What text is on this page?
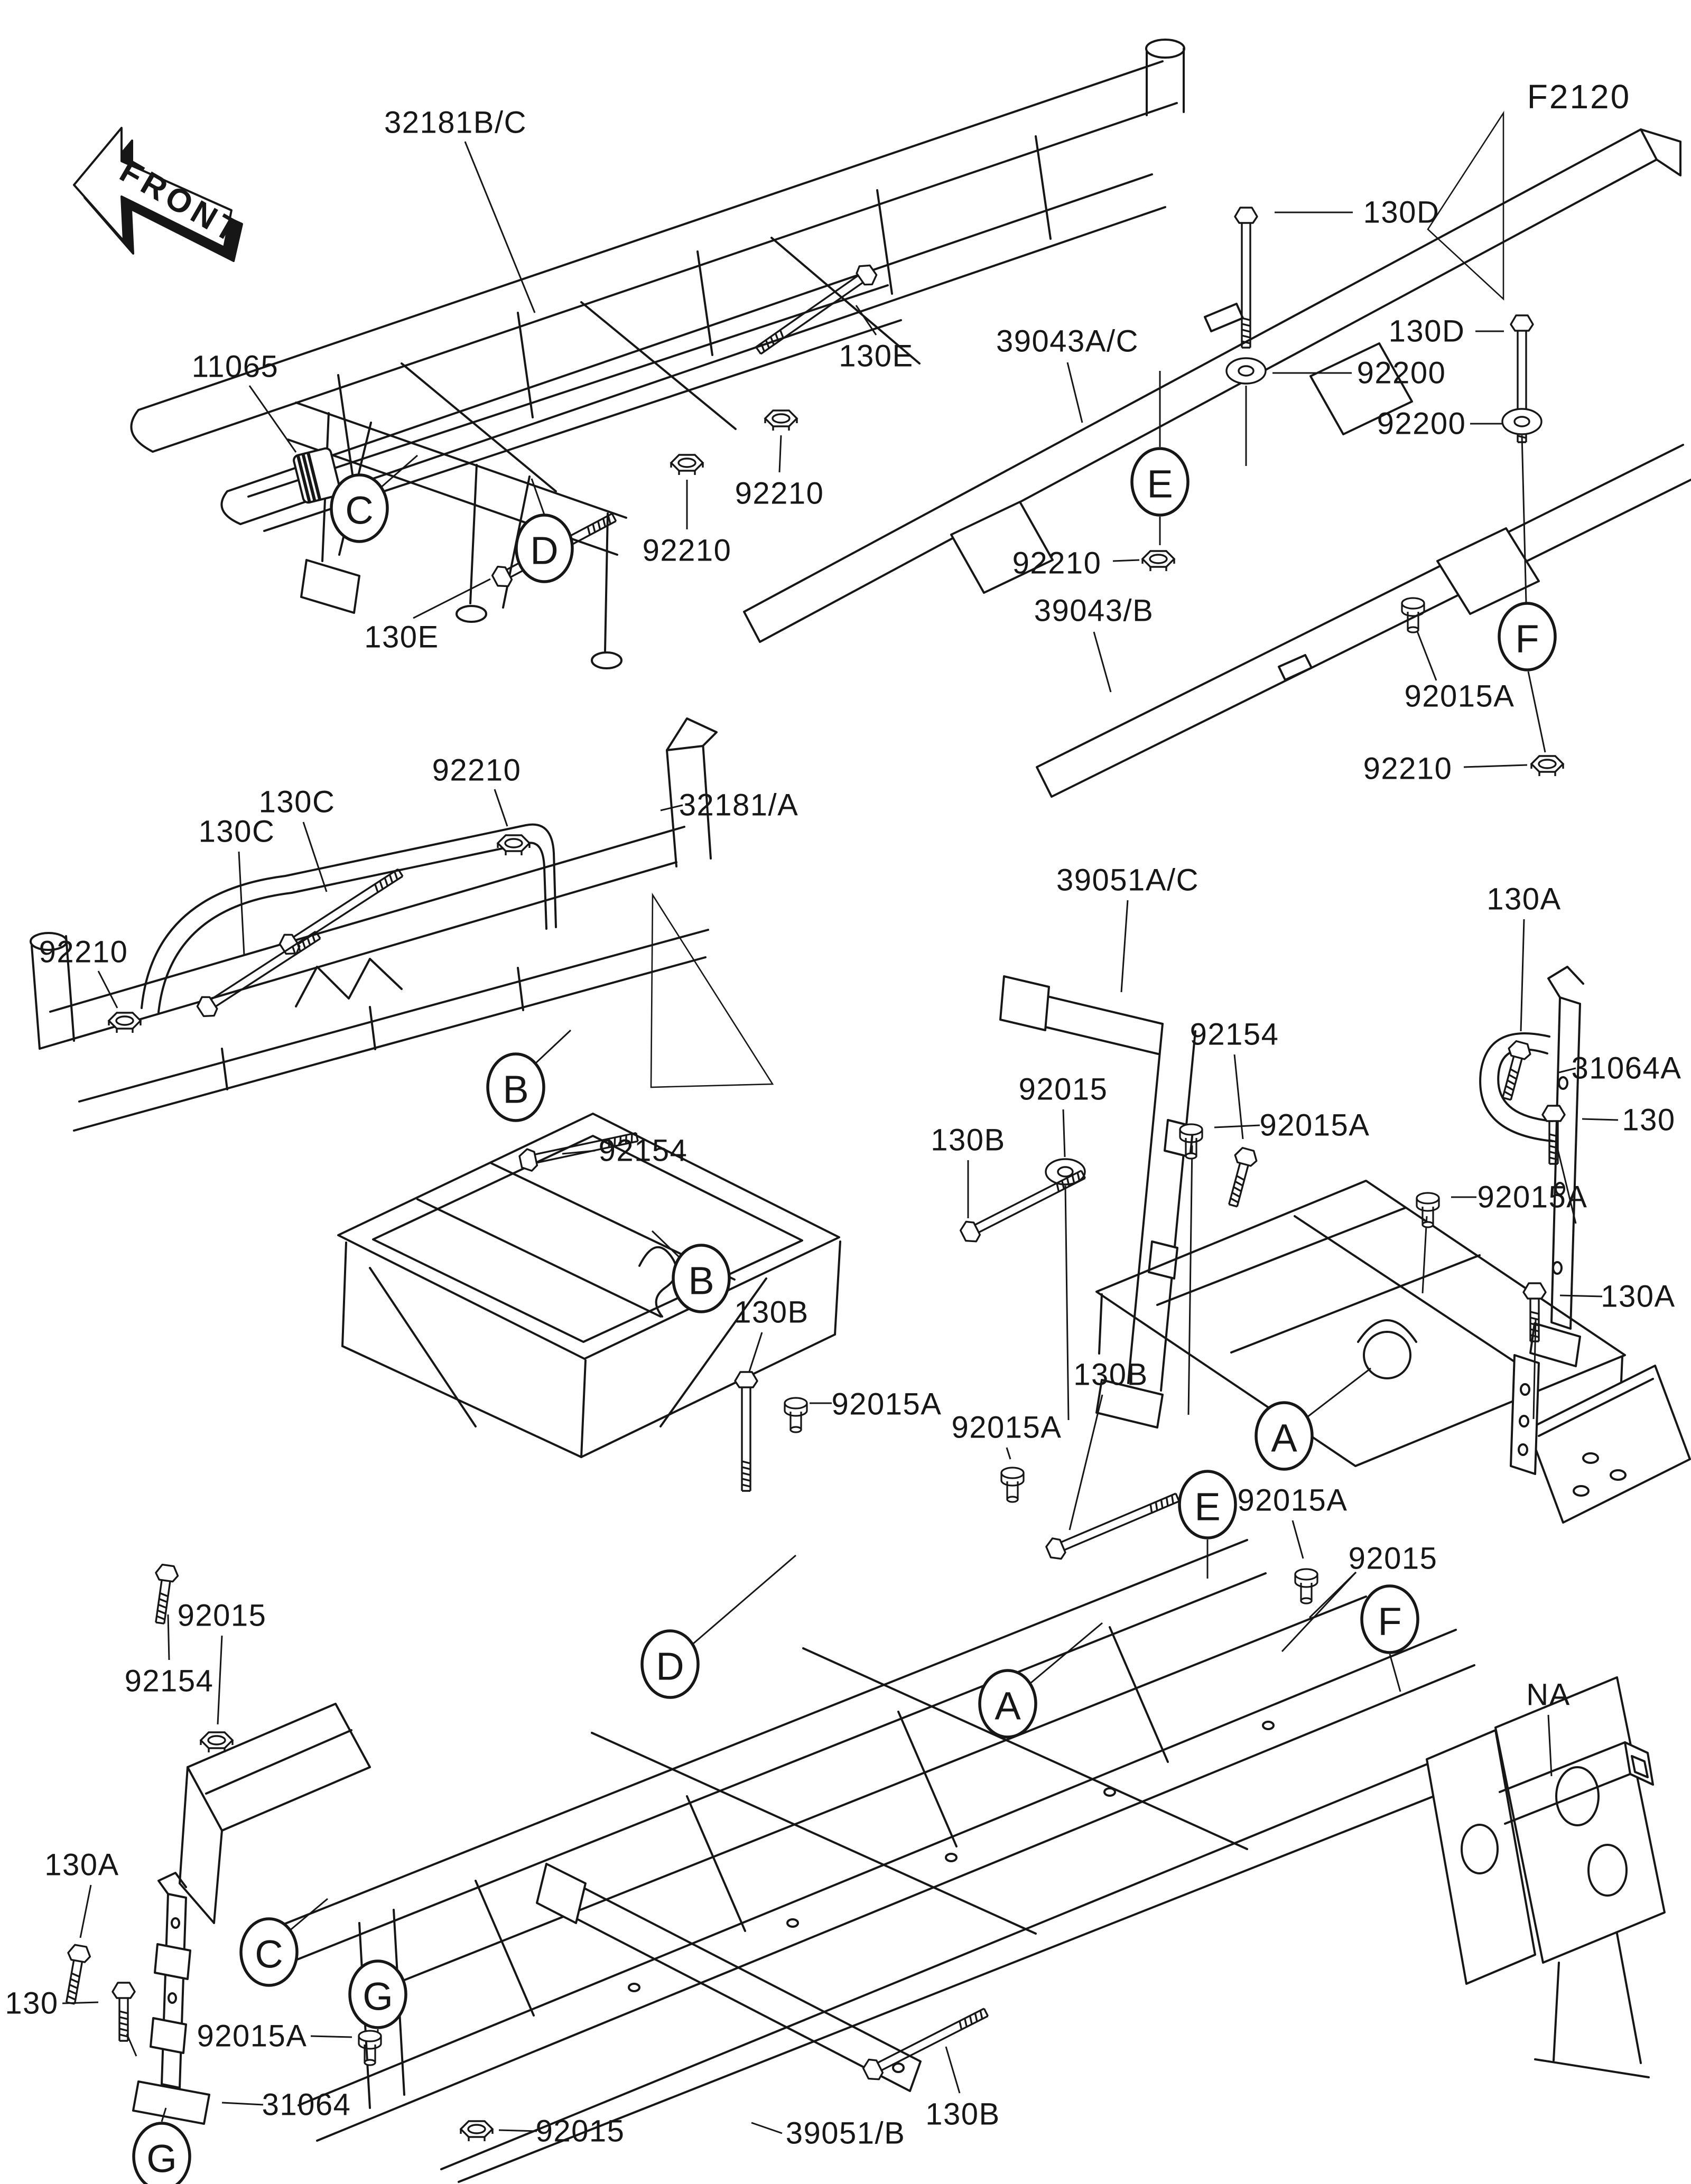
FRONT
32181B/C
130D
92200
130E	39043A/C	130D
92200
92210
11065
92210
92210
130E
92210
39043/B
92015A
92210
130C
130C
32181/A
92210
39051A/C
130A
92154
31064A
130
92015
130B	92015A
92015A
130A
92154
130B
92015A
92015A
130B
92015A
92015
NA
92154
92015
130A
130
92015A
31064
92015	39051/B
130B
C
D
E
F
B
B
A
E
F
D
A
C
G
G
F2120
